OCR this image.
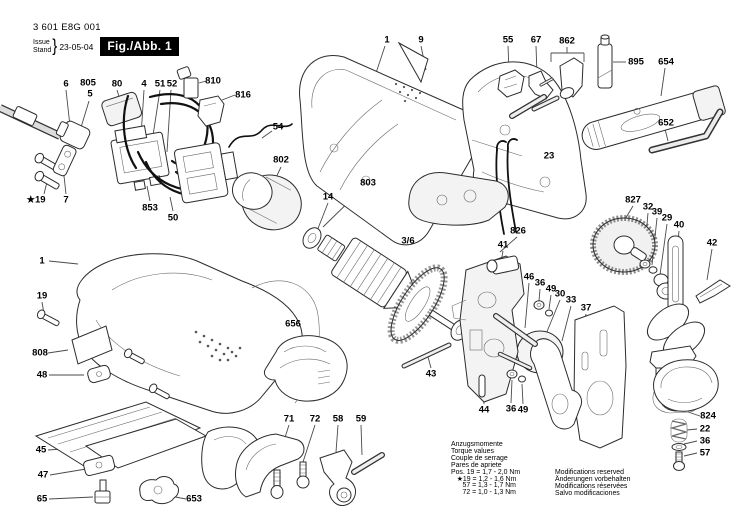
3 601 E8G 001
Issue
Stand } 23-05-04	Fig./Abb. 1
6 805
5
80 4 51 52	810
816
54
802
★19 7
853
50
1	9	55 67 862
895 654
652
23
803
14
3/6
826
41
46
36
49
30
33
37
827
32
39
29
40
42
656
43
44 36 49
1
19
808
48
45
47
65	653
71 72 58 59	824
22
36
57
Anzugsmomente
Torque values
Couple de serrage
Pares de apriete
Pos. 19 = 1,7 - 2,0 Nm
★19 = 1,2 - 1,6 Nm
57 = 1,3 - 1,7 Nm
72 = 1,0 - 1,3 Nm
Modifications reserved
Änderungen vorbehalten
Modifications réservées
Salvo modificaciones
